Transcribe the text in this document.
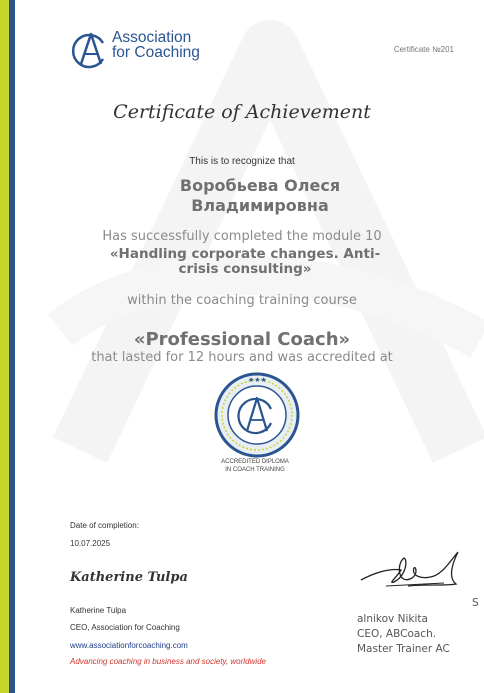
Association
for Coaching	Certificate №201
Certificate of Achievement
This is to recognize that
Воробьева Олеся Владимировна
Has successfully completed the module 10
«Handling corporate changes. Anti-crisis consulting»
within the coaching training course
«Professional Coach»
that lasted for 12 hours and was accredited at
★★★
ACCREDITED DIPLOMA
IN COACH TRAINING
Date of completion:
10.07.2025
Katherine Tulpa
Katherine Tulpa
CEO, Association for Coaching
www.associationforcoaching.com
Advancing coaching in business and society, worldwide
S
alnikov Nikita
CEO, ABCoach.
Master Trainer AC
